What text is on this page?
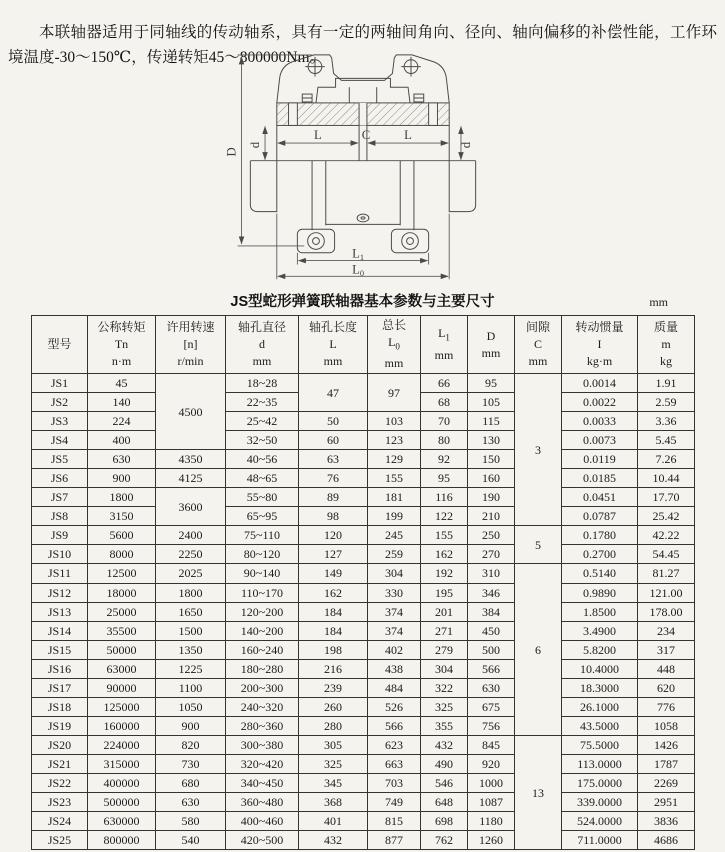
本联轴器适用于同轴线的传动轴系，具有一定的两轴间角向、径向、轴向偏移的补偿性能，工作环境温度-30～150℃，传递转矩45～800000Nm。

D
d	d
L	C	L
L1
L0
JS型蛇形弹簧联轴器基本参数与主要尺寸	mm
型号

公称转矩
Tn
n·m

许用转速
[n]
r/min

轴孔直径
d
mm

轴孔长度
L
mm

总长
$L_0$
mm

$L_1$
mm

D
mm

间隙
C
mm

转动惯量
I
kg·m

质量
m
kg

JS1	45	4500	18~28	47	97	66	95	3	0.0014	1.91
JS2	140		22~35			68	105		0.0022	2.59
JS3	224		25~42	50	103	70	115		0.0033	3.36
JS4	400		32~50	60	123	80	130		0.0073	5.45
JS5	630	4350	40~56	63	129	92	150		0.0119	7.26
JS6	900	4125	48~65	76	155	95	160		0.0185	10.44
JS7	1800	3600	55~80	89	181	116	190		0.0451	17.70
JS8	3150		65~95	98	199	122	210		0.0787	25.42
JS9	5600	2400	75~110	120	245	155	250	5	0.1780	42.22
JS10	8000	2250	80~120	127	259	162	270		0.2700	54.45
JS11	12500	2025	90~140	149	304	192	310	6	0.5140	81.27
JS12	18000	1800	110~170	162	330	195	346		0.9890	121.00
JS13	25000	1650	120~200	184	374	201	384		1.8500	178.00
JS14	35500	1500	140~200	184	374	271	450		3.4900	234
JS15	50000	1350	160~240	198	402	279	500		5.8200	317
JS16	63000	1225	180~280	216	438	304	566		10.4000	448
JS17	90000	1100	200~300	239	484	322	630		18.3000	620
JS18	125000	1050	240~320	260	526	325	675		26.1000	776
JS19	160000	900	280~360	280	566	355	756		43.5000	1058
JS20	224000	820	300~380	305	623	432	845	13	75.5000	1426
JS21	315000	730	320~420	325	663	490	920		113.0000	1787
JS22	400000	680	340~450	345	703	546	1000		175.0000	2269
JS23	500000	630	360~480	368	749	648	1087		339.0000	2951
JS24	630000	580	400~460	401	815	698	1180		524.0000	3836
JS25	800000	540	420~500	432	877	762	1260		711.0000	4686
